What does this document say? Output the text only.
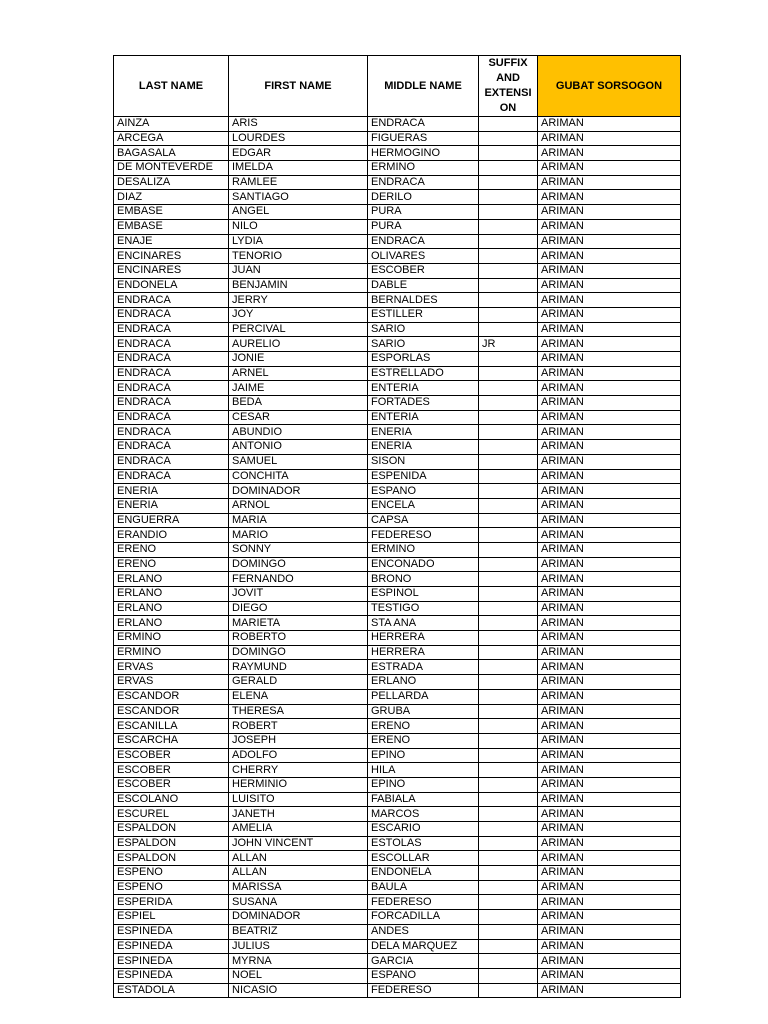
LAST NAME	FIRST NAME	MIDDLE NAME	SUFFIX
AND
EXTENSI
ON	GUBAT SORSOGON
AINZA	ARIS	ENDRACA		ARIMAN
ARCEGA	LOURDES	FIGUERAS		ARIMAN
BAGASALA	EDGAR	HERMOGINO		ARIMAN
DE MONTEVERDE	IMELDA	ERMINO		ARIMAN
DESALIZA	RAMLEE	ENDRACA		ARIMAN
DIAZ	SANTIAGO	DERILO		ARIMAN
EMBASE	ANGEL	PURA		ARIMAN
EMBASE	NILO	PURA		ARIMAN
ENAJE	LYDIA	ENDRACA		ARIMAN
ENCINARES	TENORIO	OLIVARES		ARIMAN
ENCINARES	JUAN	ESCOBER		ARIMAN
ENDONELA	BENJAMIN	DABLE		ARIMAN
ENDRACA	JERRY	BERNALDES		ARIMAN
ENDRACA	JOY	ESTILLER		ARIMAN
ENDRACA	PERCIVAL	SARIO		ARIMAN
ENDRACA	AURELIO	SARIO	JR	ARIMAN
ENDRACA	JONIE	ESPORLAS		ARIMAN
ENDRACA	ARNEL	ESTRELLADO		ARIMAN
ENDRACA	JAIME	ENTERIA		ARIMAN
ENDRACA	BEDA	FORTADES		ARIMAN
ENDRACA	CESAR	ENTERIA		ARIMAN
ENDRACA	ABUNDIO	ENERIA		ARIMAN
ENDRACA	ANTONIO	ENERIA		ARIMAN
ENDRACA	SAMUEL	SISON		ARIMAN
ENDRACA	CONCHITA	ESPENIDA		ARIMAN
ENERIA	DOMINADOR	ESPANO		ARIMAN
ENERIA	ARNOL	ENCELA		ARIMAN
ENGUERRA	MARIA	CAPSA		ARIMAN
ERANDIO	MARIO	FEDERESO		ARIMAN
ERENO	SONNY	ERMINO		ARIMAN
ERENO	DOMINGO	ENCONADO		ARIMAN
ERLANO	FERNANDO	BRONO		ARIMAN
ERLANO	JOVIT	ESPINOL		ARIMAN
ERLANO	DIEGO	TESTIGO		ARIMAN
ERLANO	MARIETA	STA ANA		ARIMAN
ERMINO	ROBERTO	HERRERA		ARIMAN
ERMINO	DOMINGO	HERRERA		ARIMAN
ERVAS	RAYMUND	ESTRADA		ARIMAN
ERVAS	GERALD	ERLANO		ARIMAN
ESCANDOR	ELENA	PELLARDA		ARIMAN
ESCANDOR	THERESA	GRUBA		ARIMAN
ESCANILLA	ROBERT	ERENO		ARIMAN
ESCARCHA	JOSEPH	ERENO		ARIMAN
ESCOBER	ADOLFO	EPINO		ARIMAN
ESCOBER	CHERRY	HILA		ARIMAN
ESCOBER	HERMINIO	EPINO		ARIMAN
ESCOLANO	LUISITO	FABIALA		ARIMAN
ESCUREL	JANETH	MARCOS		ARIMAN
ESPALDON	AMELIA	ESCARIO		ARIMAN
ESPALDON	JOHN VINCENT	ESTOLAS		ARIMAN
ESPALDON	ALLAN	ESCOLLAR		ARIMAN
ESPENO	ALLAN	ENDONELA		ARIMAN
ESPENO	MARISSA	BAULA		ARIMAN
ESPERIDA	SUSANA	FEDERESO		ARIMAN
ESPIEL	DOMINADOR	FORCADILLA		ARIMAN
ESPINEDA	BEATRIZ	ANDES		ARIMAN
ESPINEDA	JULIUS	DELA MARQUEZ		ARIMAN
ESPINEDA	MYRNA	GARCIA		ARIMAN
ESPINEDA	NOEL	ESPANO		ARIMAN
ESTADOLA	NICASIO	FEDERESO		ARIMAN
